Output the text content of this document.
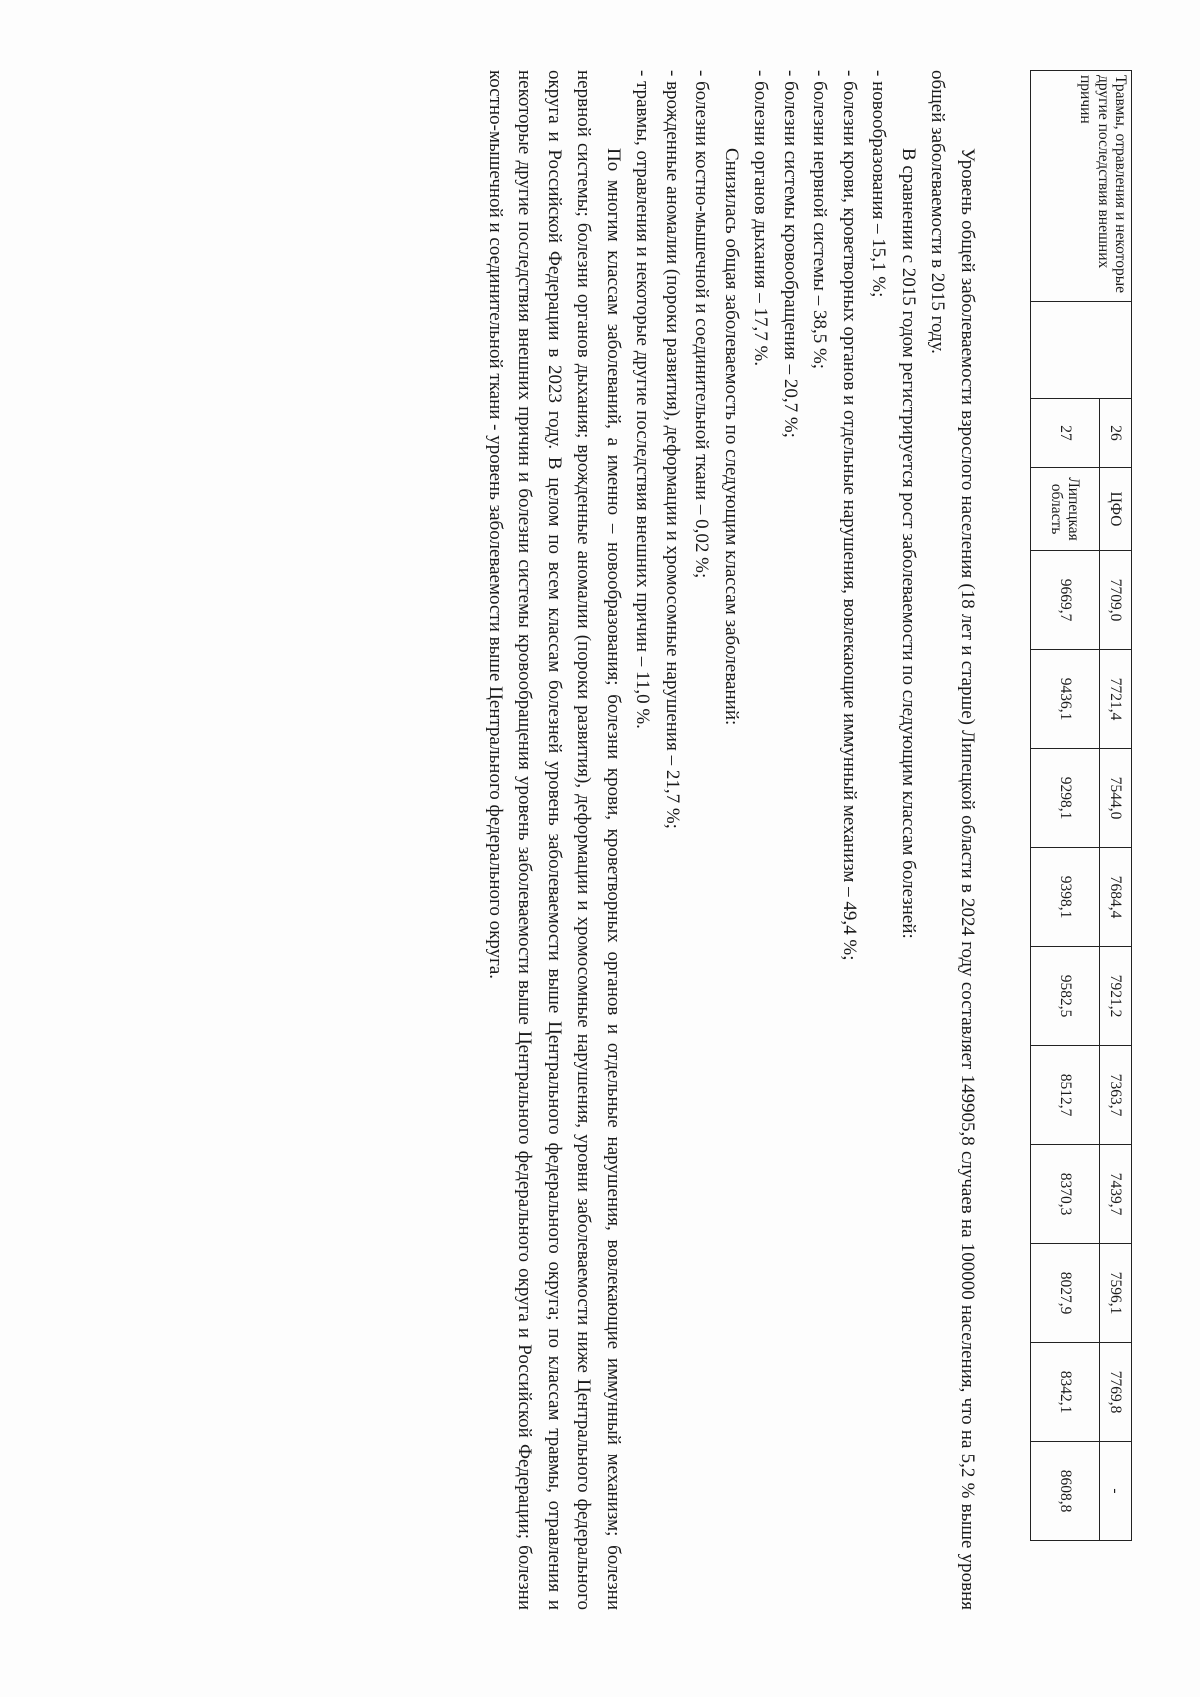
Травмы, отравления и некоторые другие последствия внешних причин		26	ЦФО	7709,0	7721,4	7544,0	7684,4	7921,2	7363,7	7439,7	7596,1	7769,8	-
		27	Липецкая область	9669,7	9436,1	9298,1	9398,1	9582,5	8512,7	8370,3	8027,9	8342,1	8608,8

Уровень общей заболеваемости взрослого населения (18 лет и старше) Липецкой области в 2024 году составляет 149905,8 случаев на 100000 населения, что на 5,2 % выше уровня общей заболеваемости в 2015 году.

В сравнении с 2015 годом регистрируется рост заболеваемости по следующим классам болезней:

- новообразования – 15,1 %;

- болезни крови, кроветворных органов и отдельные нарушения, вовлекающие иммунный механизм – 49,4 %;

- болезни нервной системы – 38,5 %;

- болезни системы кровообращения – 20,7 %;

- болезни органов дыхания – 17,7 %.

Снизилась общая заболеваемость по следующим классам заболеваний:

- болезни костно-мышечной и соединительной ткани – 0,02 %;

- врожденные аномалии (пороки развития), деформации и хромосомные нарушения – 21,7 %;

- травмы, отравления и некоторые другие последствия внешних причин – 11,0 %.

По многим классам заболеваний, а именно – новообразования; болезни крови, кроветворных органов и отдельные нарушения, вовлекающие иммунный механизм; болезни нервной системы; болезни органов дыхания; врожденные аномалии (пороки развития), деформации и хромосомные нарушения, уровни заболеваемости ниже Центрального федерального округа и Российской Федерации в 2023 году. В целом по всем классам болезней уровень заболеваемости выше Центрального федерального округа; по классам травмы, отравления и некоторые другие последствия внешних причин и болезни системы кровообращения уровень заболеваемости выше Центрального федерального округа и Российской Федерации; болезни костно-мышечной и соединительной ткани - уровень заболеваемости выше Центрального федерального округа.
